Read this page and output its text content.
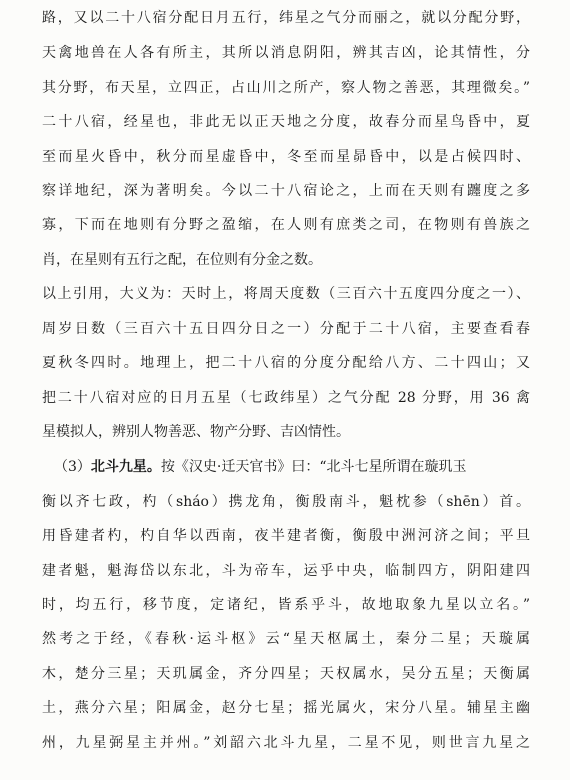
路，又以二十八宿分配日月五行，纬星之气分而丽之，就以分配分野，
天禽地兽在人各有所主，其所以消息阴阳，辨其吉凶，论其情性，分
其分野，布天星，立四正，占山川之所产，察人物之善恶，其理微矣。”
二十八宿，经星也，非此无以正天地之分度，故春分而星鸟昏中，夏
至而星火昏中，秋分而星虚昏中，冬至而星昴昏中，以是占候四时、
察详地纪，深为著明矣。今以二十八宿论之，上而在天则有躔度之多
寡，下而在地则有分野之盈缩，在人则有庶类之司，在物则有兽族之
肖，在星则有五行之配，在位则有分金之数。
以上引用，大义为：天时上，将周天度数（三百六十五度四分度之一）、
周岁日数（三百六十五日四分日之一）分配于二十八宿，主要查看春
夏秋冬四时。地理上，把二十八宿的分度分配给八方、二十四山；又
把二十八宿对应的日月五星（七政纬星）之气分配 28 分野，用 36 禽
星模拟人，辨别人物善恶、物产分野、吉凶情性。
（3）北斗九星。按《汉史·迁天官书》曰：“北斗七星所谓在璇玑玉
衡以齐七政，杓（sháo）携龙角，衡殷南斗，魁枕参（shēn）首。
用昏建者杓，杓自华以西南，夜半建者衡，衡殷中洲河济之间；平旦
建者魁，魁海岱以东北，斗为帝车，运乎中央，临制四方，阴阳建四
时，均五行，移节度，定诸纪，皆系乎斗，故地取象九星以立名。”
然考之于经，《春秋·运斗枢》云“星天枢属土，秦分二星；天璇属
木，楚分三星；天玑属金，齐分四星；天权属水，吴分五星；天衡属
土，燕分六星；阳属金，赵分七星；摇光属火，宋分八星。辅星主幽
州，九星弼星主并州。”刘韶六北斗九星，二星不见，则世言九星之
